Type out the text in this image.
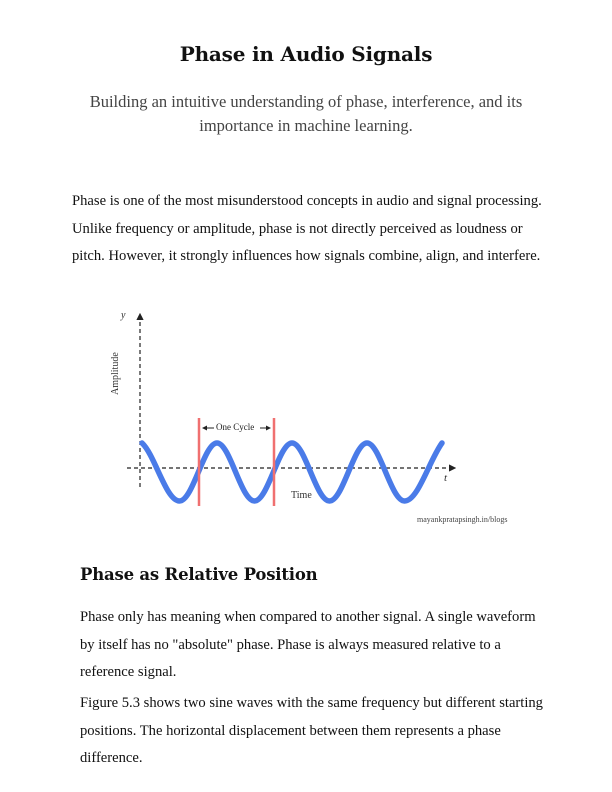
Phase in Audio Signals
Building an intuitive understanding of phase, interference, and its importance in machine learning.

Phase is one of the most misunderstood concepts in audio and signal processing. Unlike frequency or amplitude, phase is not directly perceived as loudness or pitch. However, it strongly influences how signals combine, align, and interfere.

y
Amplitude
t
Time
One Cycle
mayankpratapsingh.in/blogs
Phase as Relative Position

Phase only has meaning when compared to another signal. A single waveform by itself has no "absolute" phase. Phase is always measured relative to a reference signal.

Figure 5.3 shows two sine waves with the same frequency but different starting positions. The horizontal displacement between them represents a phase difference.
